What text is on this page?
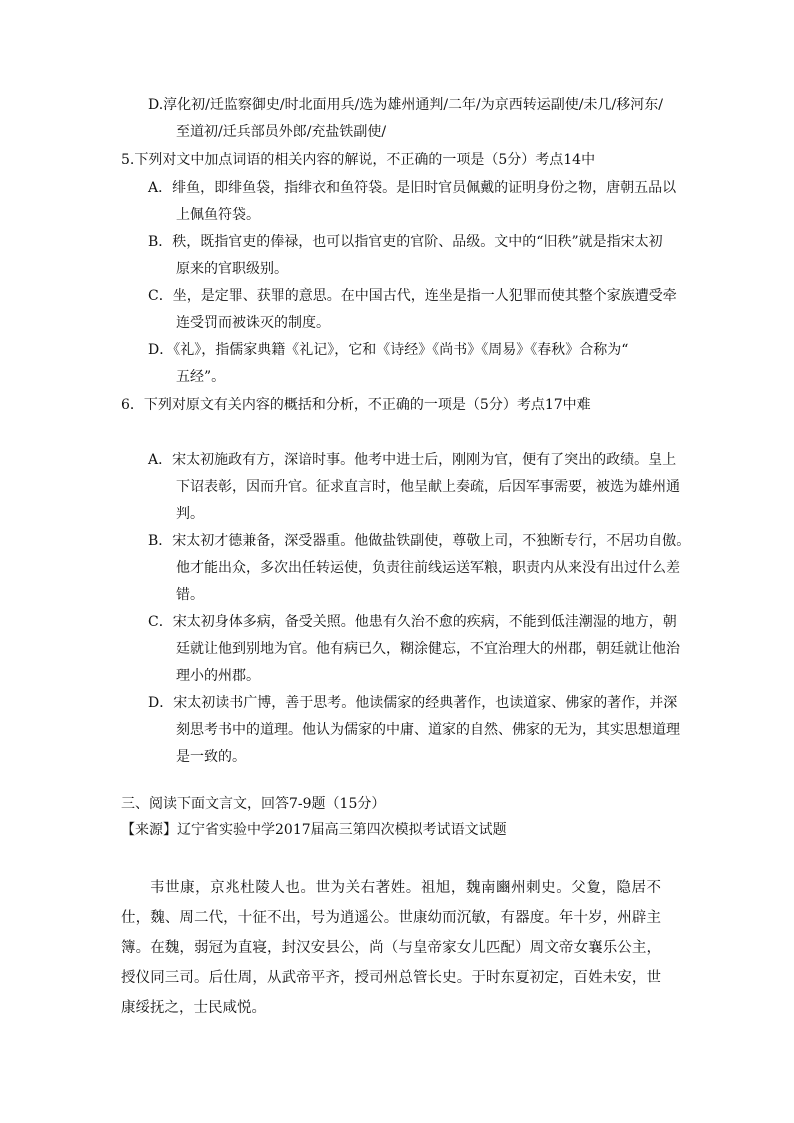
D.淳化初/迁监察御史/时北面用兵/选为雄州通判/二年/为京西转运副使/未几/移河东/
至道初/迁兵部员外郎/充盐铁副使/
5.下列对文中加点词语的相关内容的解说，不正确的一项是（5分）考点14中
A．绯鱼，即绯鱼袋，指绯衣和鱼符袋。是旧时官员佩戴的证明身份之物，唐朝五品以
上佩鱼符袋。
B．秩，既指官吏的俸禄，也可以指官吏的官阶、品级。文中的“旧秩”就是指宋太初
原来的官职级别。
C．坐，是定罪、获罪的意思。在中国古代，连坐是指一人犯罪而使其整个家族遭受牵
连受罚而被诛灭的制度。
D．《礼》，指儒家典籍《礼记》，它和《诗经》《尚书》《周易》《春秋》合称为“
五经”。
6．下列对原文有关内容的概括和分析，不正确的一项是（5分）考点17中难
A．宋太初施政有方，深谙时事。他考中进士后，刚刚为官，便有了突出的政绩。皇上
下诏表彰，因而升官。征求直言时，他呈献上奏疏，后因军事需要，被选为雄州通
判。
B．宋太初才德兼备，深受器重。他做盐铁副使，尊敬上司，不独断专行，不居功自傲。
他才能出众，多次出任转运使，负责往前线运送军粮，职责内从来没有出过什么差
错。
C．宋太初身体多病，备受关照。他患有久治不愈的疾病，不能到低洼潮湿的地方，朝
廷就让他到别地为官。他有病已久，糊涂健忘，不宜治理大的州郡，朝廷就让他治
理小的州郡。
D．宋太初读书广博，善于思考。他读儒家的经典著作，也读道家、佛家的著作，并深
刻思考书中的道理。他认为儒家的中庸、道家的自然、佛家的无为，其实思想道理
是一致的。
三、阅读下面文言文，回答7-9题（15分）
【来源】辽宁省实验中学2017届高三第四次模拟考试语文试题
韦世康，京兆杜陵人也。世为关右著姓。祖旭，魏南豳州刺史。父夐，隐居不仕，魏、周二代，十征不出，号为逍遥公。世康幼而沉敏，有器度。年十岁，州辟主簿。在魏，弱冠为直寝，封汉安县公，尚（与皇帝家女儿匹配）周文帝女襄乐公主，授仪同三司。后仕周，从武帝平齐，授司州总管长史。于时东夏初定，百姓未安，世康绥抚之，士民咸悦。
